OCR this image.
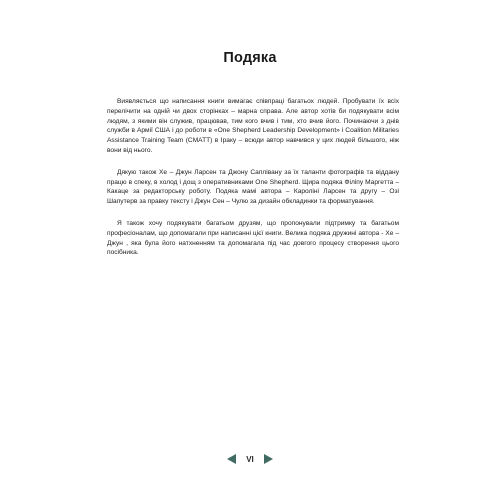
Подяка

Виявляється що написання книги вимагає співпраці багатьох людей. Пробувати їх всіх перелічити на одній чи двох сторінках – марна справа. Але автор хотів би подякувати всім людям, з якими він служив, працював, тим кого вчив і тим, хто вчив його. Починаючи з днів служби в Армії США і до роботи в «One Shepherd Leadership Development» і Coalition Militaries Assistance Training Team (CMATT) в Іраку – всюди автор навчився у цих людей більшого, ніж вони від нього.

Дякую також Хе – Джун Ларсен та Джону Саплівану за їх таланти фотографів та віддану працю в спеку, в холод і дощ з оперативниками One Shepherd. Щира подяка Філіпу Маргетта – Какаце за редакторську роботу. Подяка мамі автора – Кароліні Ларсен та другу – Озі Шапутерв за правку тексту і Джун Сен – Чулю за дизайн обкладинки та форматування.

Я також хочу подякувати багатьом друзям, що пропонували підтримку та багатьом професіоналам, що допомагали при написанні цієї книги. Велика подяка дружині автора - Хе – Джун , яка була його натхненням та допомагала під час довгого процесу створення цього посібника.

VI
